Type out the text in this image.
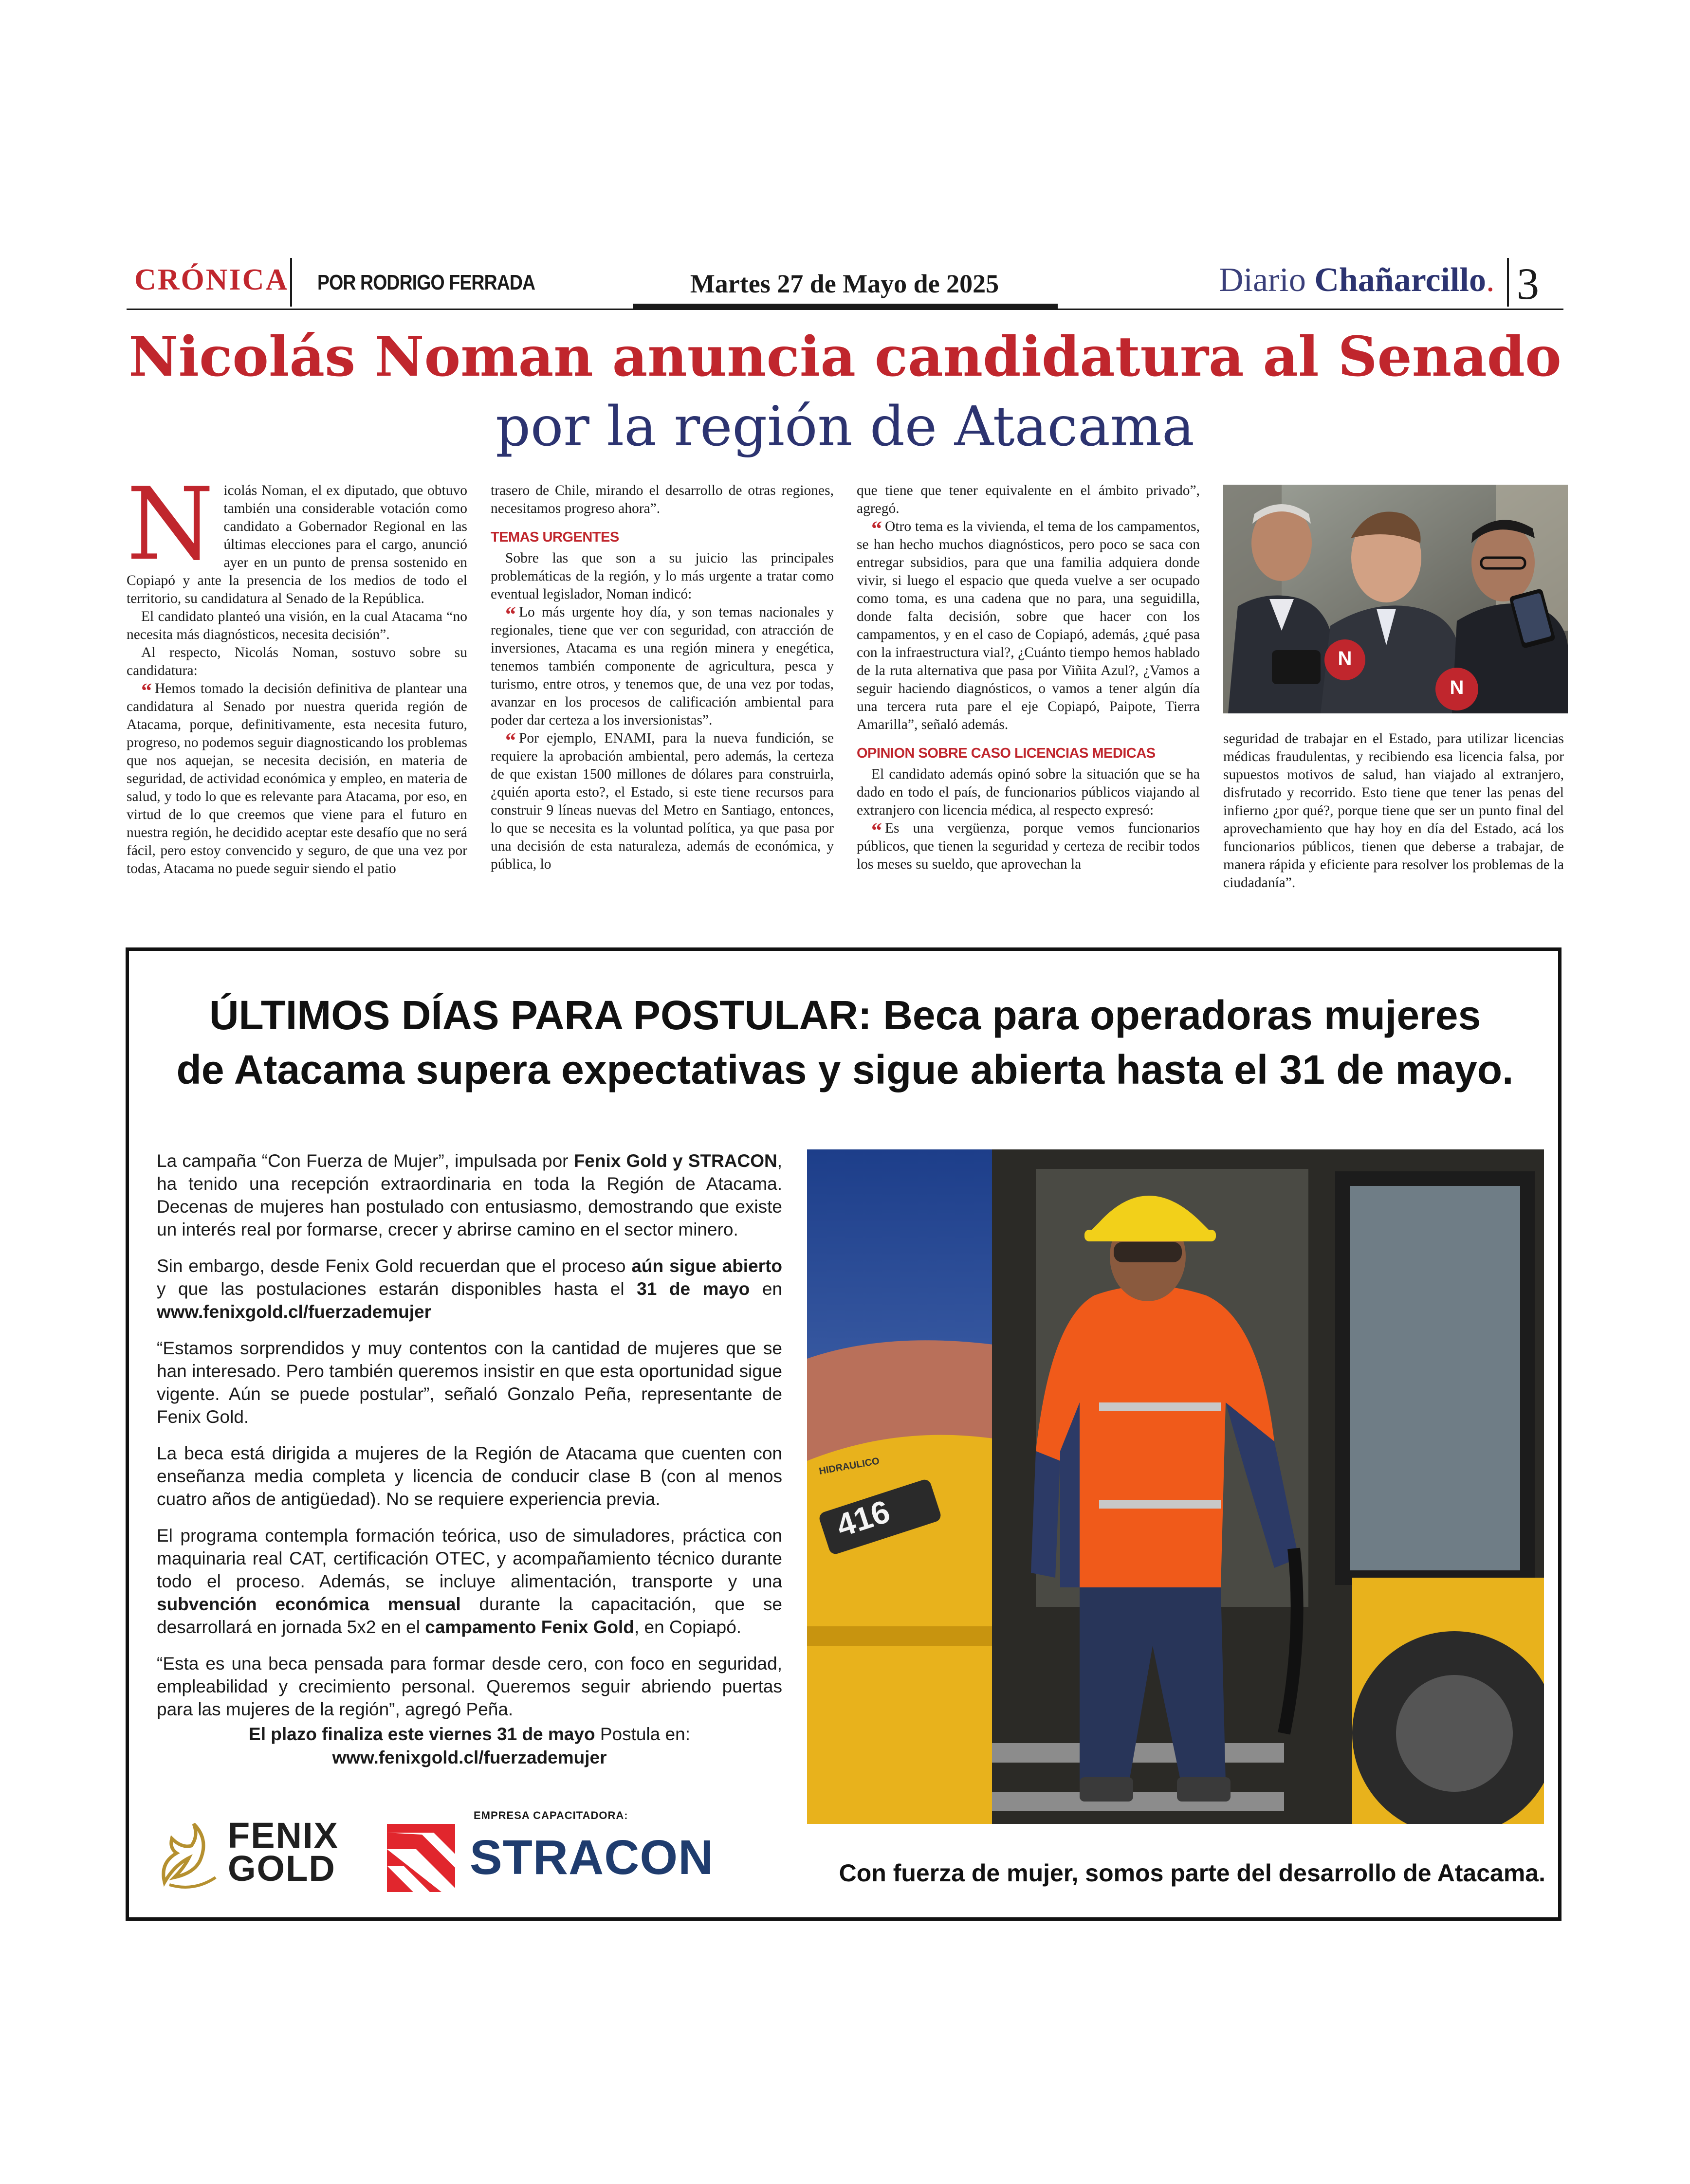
CRÓNICA POR RODRIGO FERRADA	Martes 27 de Mayo de 2025	Diario Chañarcillo. 3
Nicolás Noman anuncia candidatura al Senado
por la región de Atacama
N icolás Noman, el ex diputado, que obtuvo también una considerable votación como candidato a Gobernador Regional en las últimas elecciones para el cargo, anunció ayer en un punto de prensa sostenido en Copiapó y ante la presencia de los medios de todo el territorio, su candidatura al Senado de la República.

El candidato planteó una visión, en la cual Atacama “no necesita más diagnósticos, necesita decisión”.

Al respecto, Nicolás Noman, sostuvo sobre su candidatura:

“ Hemos tomado la decisión definitiva de plantear una candidatura al Senado por nuestra querida región de Atacama, porque, definitivamente, esta necesita futuro, progreso, no podemos seguir diagnosticando los problemas que nos aquejan, se necesita decisión, en materia de seguridad, de actividad económica y empleo, en materia de salud, y todo lo que es relevante para Atacama, por eso, en virtud de lo que creemos que viene para el futuro en nuestra región, he decidido aceptar este desafío que no será fácil, pero estoy convencido y seguro, de que una vez por todas, Atacama no puede seguir siendo el patio

trasero de Chile, mirando el desarrollo de otras regiones, necesitamos progreso ahora”.

TEMAS URGENTES

Sobre las que son a su juicio las principales problemáticas de la región, y lo más urgente a tratar como eventual legislador, Noman indicó:

“ Lo más urgente hoy día, y son temas nacionales y regionales, tiene que ver con seguridad, con atracción de inversiones, Atacama es una región minera y enegética, tenemos también componente de agricultura, pesca y turismo, entre otros, y tenemos que, de una vez por todas, avanzar en los procesos de calificación ambiental para poder dar certeza a los inversionistas”.

“ Por ejemplo, ENAMI, para la nueva fundición, se requiere la aprobación ambiental, pero además, la certeza de que existan 1500 millones de dólares para construirla, ¿quién aporta esto?, el Estado, si este tiene recursos para construir 9 líneas nuevas del Metro en Santiago, entonces, lo que se necesita es la voluntad política, ya que pasa por una decisión de esta naturaleza, además de económica, y pública, lo

que tiene que tener equivalente en el ámbito privado”, agregó.

“ Otro tema es la vivienda, el tema de los campamentos, se han hecho muchos diagnósticos, pero poco se saca con entregar subsidios, para que una familia adquiera donde vivir, si luego el espacio que queda vuelve a ser ocupado como toma, es una cadena que no para, una seguidilla, donde falta decisión, sobre que hacer con los campamentos, y en el caso de Copiapó, además, ¿qué pasa con la infraestructura vial?, ¿Cuánto tiempo hemos hablado de la ruta alternativa que pasa por Viñita Azul?, ¿Vamos a seguir haciendo diagnósticos, o vamos a tener algún día una tercera ruta pare el eje Copiapó, Paipote, Tierra Amarilla”, señaló además.

OPINION SOBRE CASO LICENCIAS MEDICAS

El candidato además opinó sobre la situación que se ha dado en todo el país, de funcionarios públicos viajando al extranjero con licencia médica, al respecto expresó:

“ Es una vergüenza, porque vemos funcionarios públicos, que tienen la seguridad y certeza de recibir todos los meses su sueldo, que aprovechan la

N
N

seguridad de trabajar en el Estado, para utilizar licencias médicas fraudulentas, y recibiendo esa licencia falsa, por supuestos motivos de salud, han viajado al extranjero, disfrutado y recorrido. Esto tiene que tener las penas del infierno ¿por qué?, porque tiene que ser un punto final del aprovechamiento que hay hoy en día del Estado, acá los funcionarios públicos, tienen que deberse a trabajar, de manera rápida y eficiente para resolver los problemas de la ciudadanía”.

ÚLTIMOS DÍAS PARA POSTULAR: Beca para operadoras mujeres
de Atacama supera expectativas y sigue abierta hasta el 31 de mayo.

La campaña “Con Fuerza de Mujer”, impulsada por Fenix Gold y STRACON, ha tenido una recepción extraordinaria en toda la Región de Atacama. Decenas de mujeres han postulado con entusiasmo, demostrando que existe un interés real por formarse, crecer y abrirse camino en el sector minero.

Sin embargo, desde Fenix Gold recuerdan que el proceso aún sigue abierto y que las postulaciones estarán disponibles hasta el 31 de mayo en www.fenixgold.cl/fuerzademujer

“Estamos sorprendidos y muy contentos con la cantidad de mujeres que se han interesado. Pero también queremos insistir en que esta oportunidad sigue vigente. Aún se puede postular”, señaló Gonzalo Peña, representante de Fenix Gold.

La beca está dirigida a mujeres de la Región de Atacama que cuenten con enseñanza media completa y licencia de conducir clase B (con al menos cuatro años de antigüedad). No se requiere experiencia previa.

El programa contempla formación teórica, uso de simuladores, práctica con maquinaria real CAT, certificación OTEC, y acompañamiento técnico durante todo el proceso. Además, se incluye alimentación, transporte y una subvención económica mensual durante la capacitación, que se desarrollará en jornada 5x2 en el campamento Fenix Gold, en Copiapó.

“Esta es una beca pensada para formar desde cero, con foco en seguridad, empleabilidad y crecimiento personal. Queremos seguir abriendo puertas para las mujeres de la región”, agregó Peña.

El plazo finaliza este viernes 31 de mayo Postula en:
www.fenixgold.cl/fuerzademujer
HIDRAULICO
416
FENIX
GOLD
EMPRESA CAPACITADORA:
STRACON	Con fuerza de mujer, somos parte del desarrollo de Atacama.
